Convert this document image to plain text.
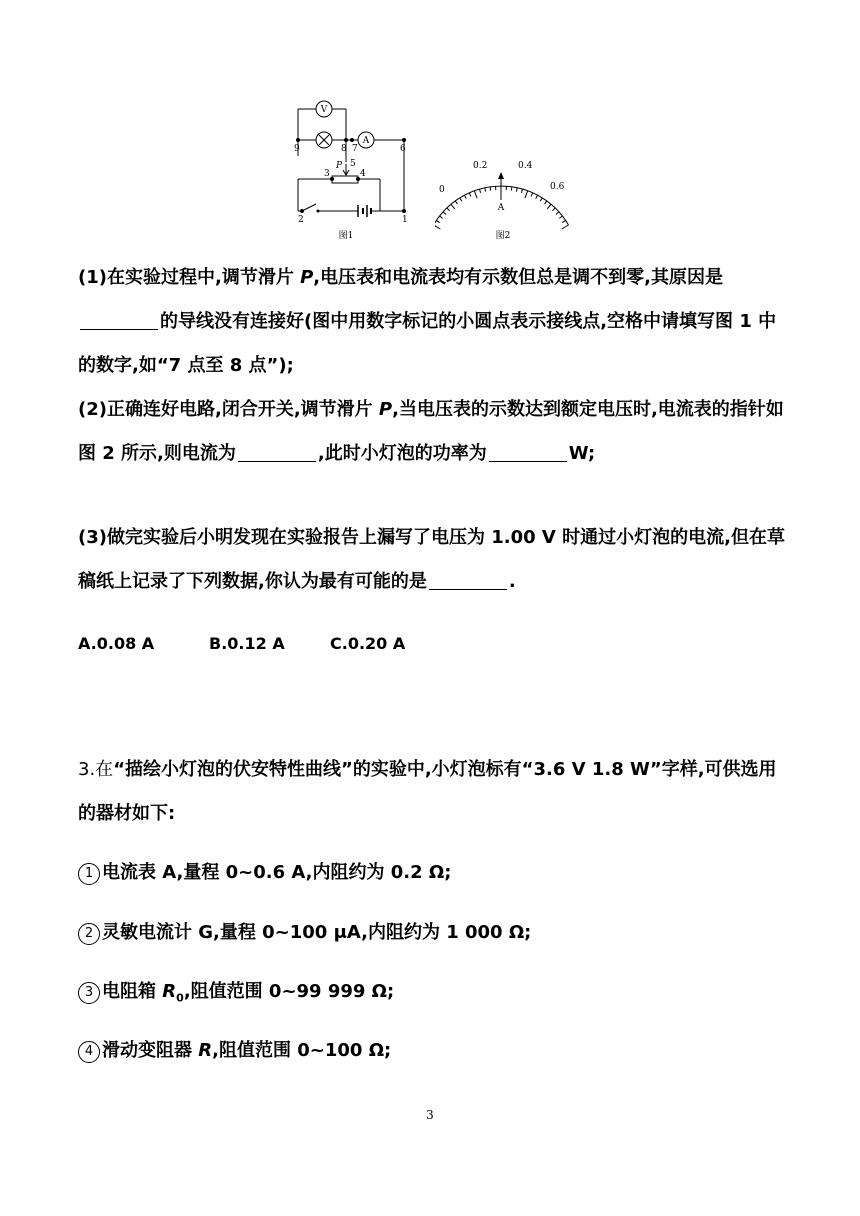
V
A
P
9	8 7	6
5
3	4
2	1
图1
0
0.2	0.4
0.6
A
图2
(1)在实验过程中,调节滑片 P,电压表和电流表均有示数但总是调不到零,其原因是的导线没有连接好(图中用数字标记的小圆点表示接线点,空格中请填写图 1 中的数字,如“7 点至 8 点”);
(2)正确连好电路,闭合开关,调节滑片 P,当电压表的示数达到额定电压时,电流表的指针如图 2 所示,则电流为	,此时小灯泡的功率为	W;
(3)做完实验后小明发现在实验报告上漏写了电压为 1.00 V 时通过小灯泡的电流,但在草稿纸上记录了下列数据,你认为最有可能的是	.
A.0.08 A	B.0.12 A	C.0.20 A
3.在“描绘小灯泡的伏安特性曲线”的实验中,小灯泡标有“3.6 V 1.8 W”字样,可供选用的器材如下:
1 电流表 A,量程 0~0.6 A,内阻约为 0.2 Ω;
2 灵敏电流计 G,量程 0~100 μA,内阻约为 1 000 Ω;
3 电阻箱 $R_0$,阻值范围 0~99 999 Ω;
4 滑动变阻器 R,阻值范围 0~100 Ω;
3
